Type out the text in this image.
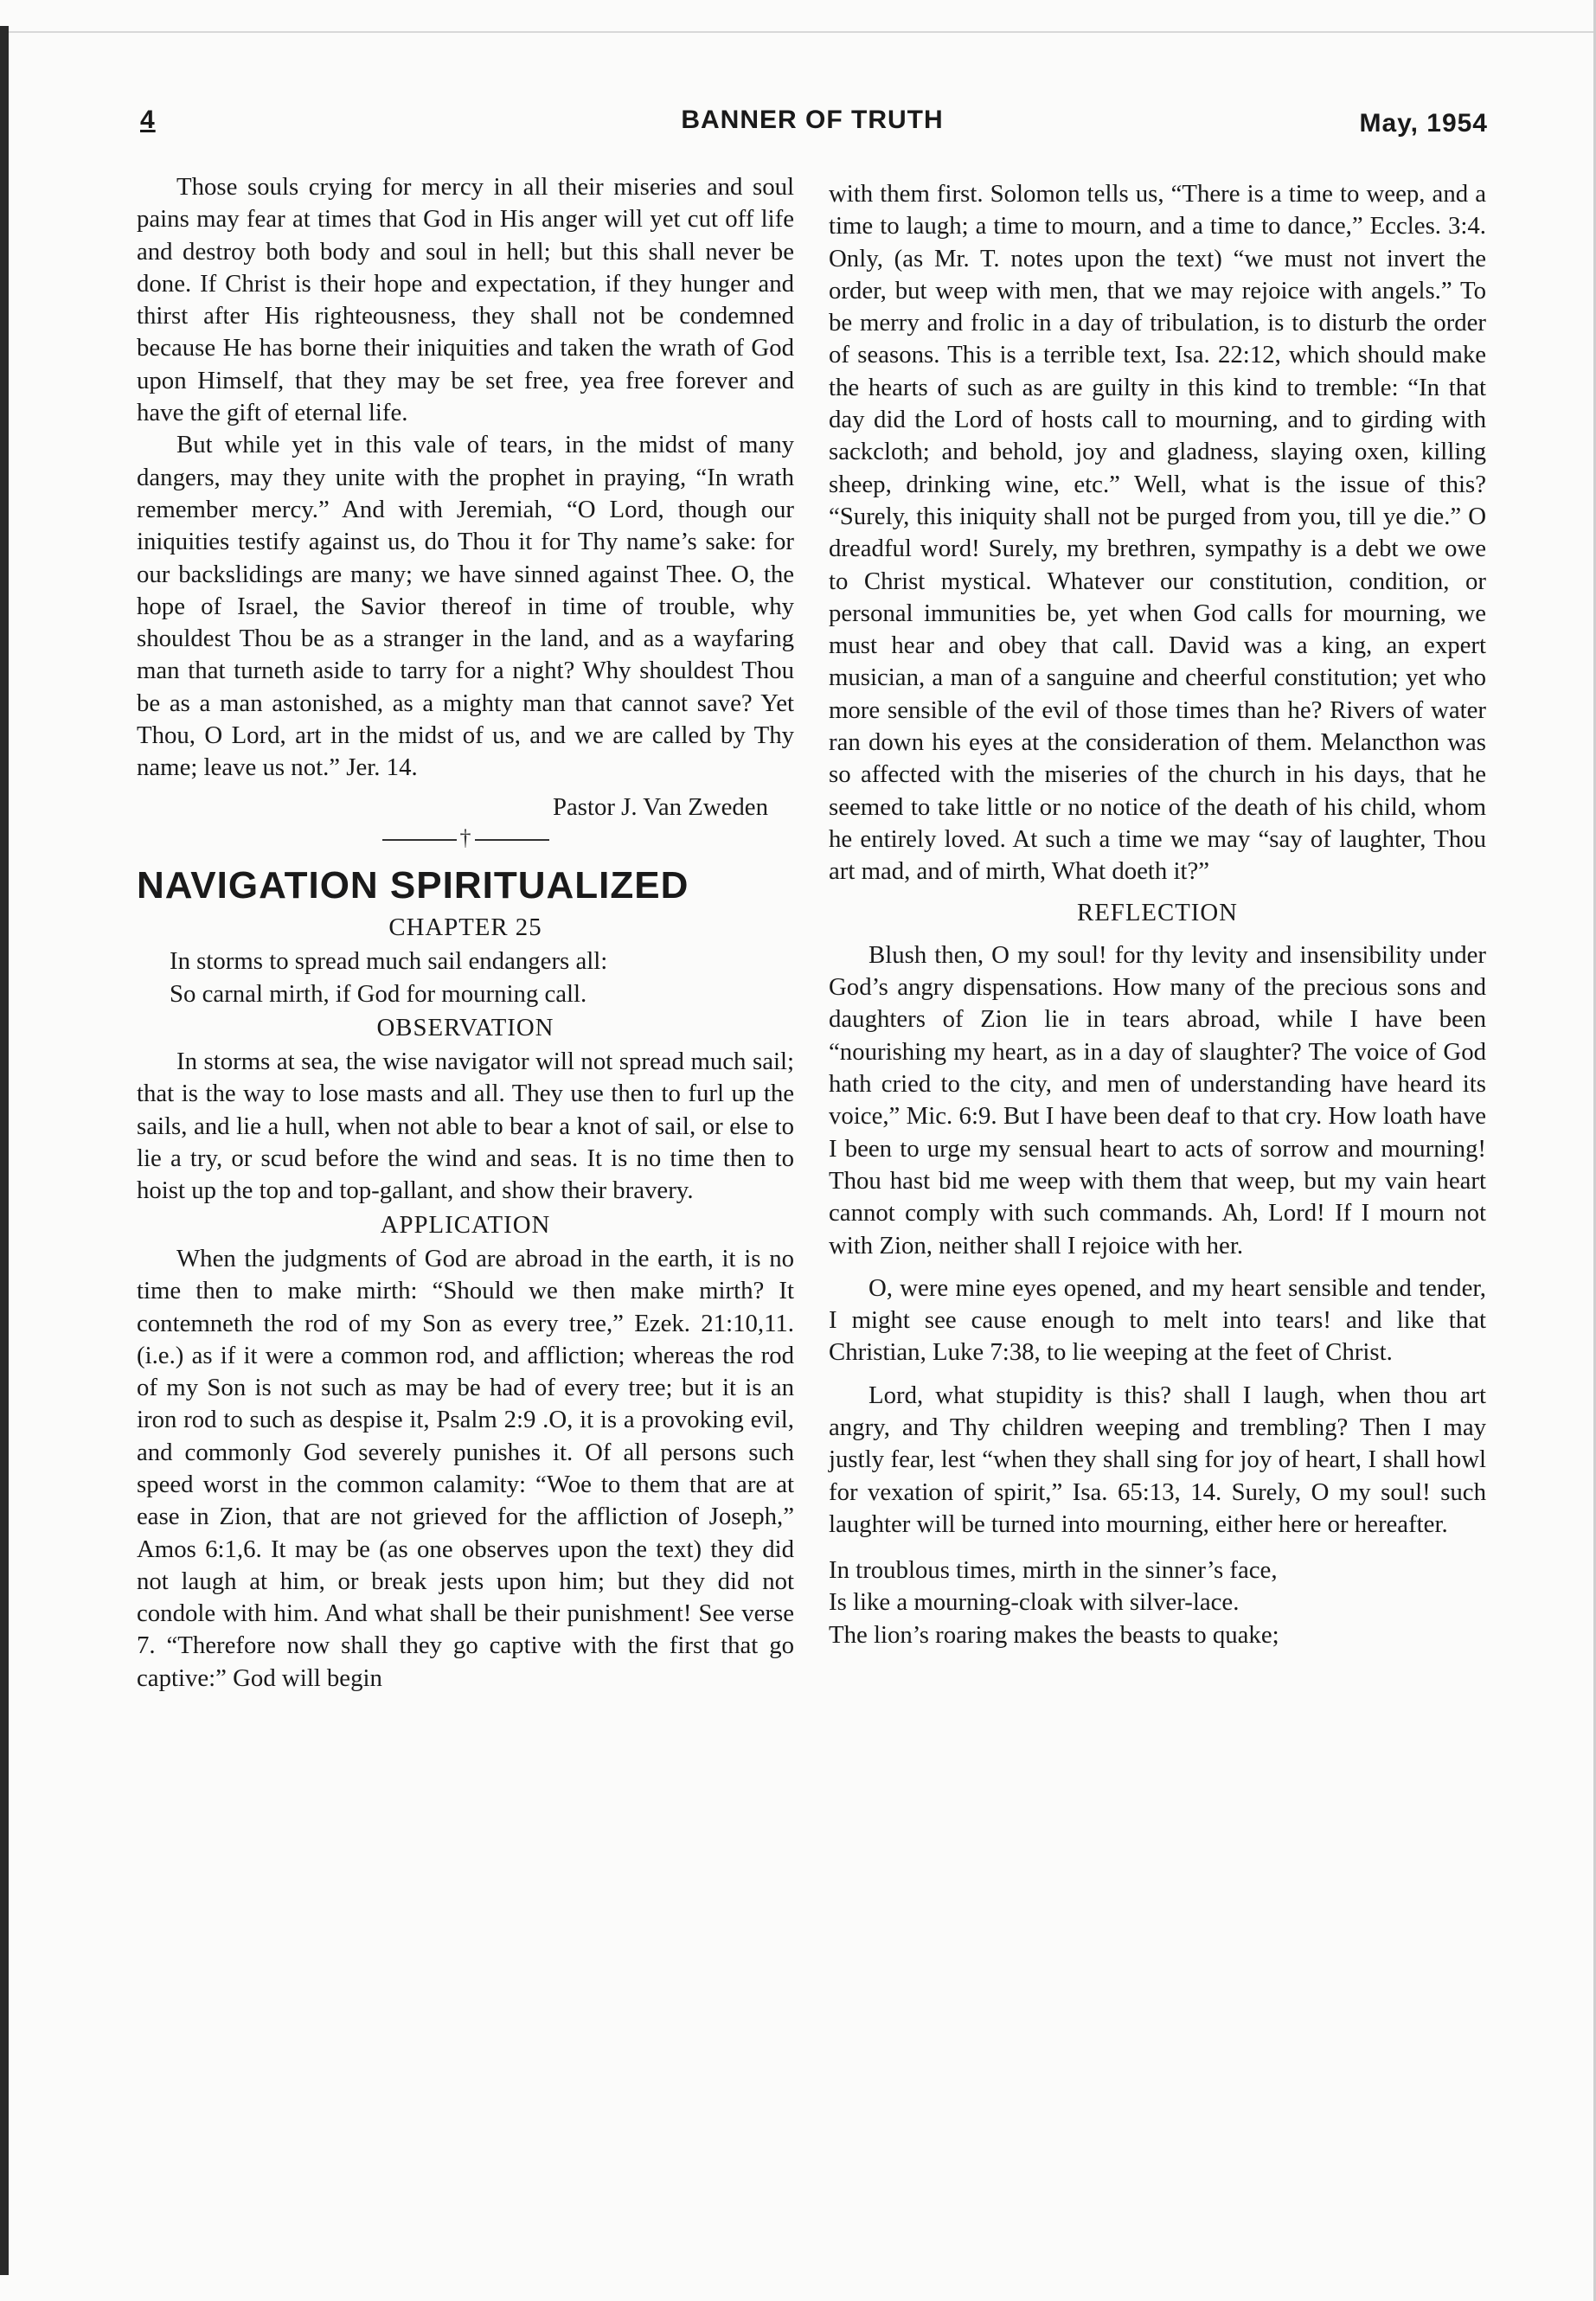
4	BANNER OF TRUTH	May, 1954

Those souls crying for mercy in all their miseries and soul pains may fear at times that God in His anger will yet cut off life and destroy both body and soul in hell; but this shall never be done. If Christ is their hope and expectation, if they hunger and thirst after His righteousness, they shall not be condemned because He has borne their iniquities and taken the wrath of God upon Himself, that they may be set free, yea free forever and have the gift of eternal life.

But while yet in this vale of tears, in the midst of many dangers, may they unite with the prophet in praying, “In wrath remember mercy.” And with Jeremiah, “O Lord, though our iniquities testify against us, do Thou it for Thy name’s sake: for our backslidings are many; we have sinned against Thee. O, the hope of Israel, the Savior thereof in time of trouble, why shouldest Thou be as a stranger in the land, and as a wayfaring man that turneth aside to tarry for a night? Why shouldest Thou be as a man astonished, as a mighty man that cannot save? Yet Thou, O Lord, art in the midst of us, and we are called by Thy name; leave us not.” Jer. 14.

Pastor J. Van Zweden
†
NAVIGATION SPIRITUALIZED
CHAPTER 25
In storms to spread much sail endangers all:
So carnal mirth, if God for mourning call.
OBSERVATION

In storms at sea, the wise navigator will not spread much sail; that is the way to lose masts and all. They use then to furl up the sails, and lie a hull, when not able to bear a knot of sail, or else to lie a try, or scud before the wind and seas. It is no time then to hoist up the top and top-gallant, and show their bravery.

APPLICATION

When the judgments of God are abroad in the earth, it is no time then to make mirth: “Should we then make mirth? It contemneth the rod of my Son as every tree,” Ezek. 21:10,11. (i.e.) as if it were a common rod, and affliction; whereas the rod of my Son is not such as may be had of every tree; but it is an iron rod to such as despise it, Psalm 2:9 .O, it is a provoking evil, and commonly God severely punishes it. Of all persons such speed worst in the common calamity: “Woe to them that are at ease in Zion, that are not grieved for the affliction of Joseph,” Amos 6:1,6. It may be (as one observes upon the text) they did not laugh at him, or break jests upon him; but they did not condole with him. And what shall be their punishment! See verse 7. “Therefore now shall they go captive with the first that go captive:” God will begin

with them first. Solomon tells us, “There is a time to weep, and a time to laugh; a time to mourn, and a time to dance,” Eccles. 3:4. Only, (as Mr. T. notes upon the text) “we must not invert the order, but weep with men, that we may rejoice with angels.” To be merry and frolic in a day of tribulation, is to disturb the order of seasons. This is a terrible text, Isa. 22:12, which should make the hearts of such as are guilty in this kind to tremble: “In that day did the Lord of hosts call to mourning, and to girding with sackcloth; and behold, joy and gladness, slaying oxen, killing sheep, drinking wine, etc.” Well, what is the issue of this? “Surely, this iniquity shall not be purged from you, till ye die.” O dreadful word! Surely, my brethren, sympathy is a debt we owe to Christ mystical. Whatever our constitution, condition, or personal immunities be, yet when God calls for mourning, we must hear and obey that call. David was a king, an expert musician, a man of a sanguine and cheerful constitution; yet who more sensible of the evil of those times than he? Rivers of water ran down his eyes at the consideration of them. Melancthon was so affected with the miseries of the church in his days, that he seemed to take little or no notice of the death of his child, whom he entirely loved. At such a time we may “say of laughter, Thou art mad, and of mirth, What doeth it?”

REFLECTION

Blush then, O my soul! for thy levity and insensibility under God’s angry dispensations. How many of the precious sons and daughters of Zion lie in tears abroad, while I have been “nourishing my heart, as in a day of slaughter? The voice of God hath cried to the city, and men of understanding have heard its voice,” Mic. 6:9. But I have been deaf to that cry. How loath have I been to urge my sensual heart to acts of sorrow and mourning! Thou hast bid me weep with them that weep, but my vain heart cannot comply with such commands. Ah, Lord! If I mourn not with Zion, neither shall I rejoice with her.

O, were mine eyes opened, and my heart sensible and tender, I might see cause enough to melt into tears! and like that Christian, Luke 7:38, to lie weeping at the feet of Christ.

Lord, what stupidity is this? shall I laugh, when thou art angry, and Thy children weeping and trembling? Then I may justly fear, lest “when they shall sing for joy of heart, I shall howl for vexation of spirit,” Isa. 65:13, 14. Surely, O my soul! such laughter will be turned into mourning, either here or hereafter.

In troublous times, mirth in the sinner’s face,
Is like a mourning-cloak with silver-lace.
The lion’s roaring makes the beasts to quake;
